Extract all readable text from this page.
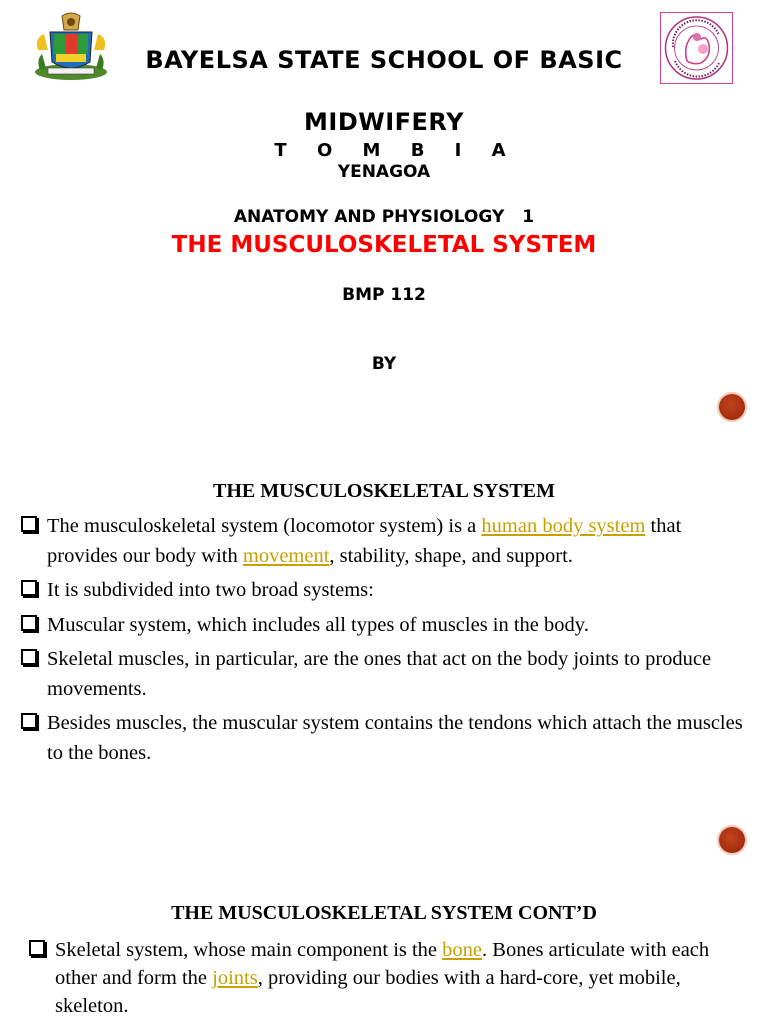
BAYELSA STATE SCHOOL OF BASIC
MIDWIFERY
T O M B I A
YENAGOA
ANATOMY AND PHYSIOLOGY 1
THE MUSCULOSKELETAL SYSTEM
BMP 112
BY
THE MUSCULOSKELETAL SYSTEM
The musculoskeletal system (locomotor system) is a human body system that provides our body with movement, stability, shape, and support.
It is subdivided into two broad systems:
Muscular system, which includes all types of muscles in the body.
Skeletal muscles, in particular, are the ones that act on the body joints to produce movements.
Besides muscles, the muscular system contains the tendons which attach the muscles to the bones.
THE MUSCULOSKELETAL SYSTEM CONT’D
Skeletal system, whose main component is the bone. Bones articulate with each other and form the joints, providing our bodies with a hard-core, yet mobile, skeleton.
